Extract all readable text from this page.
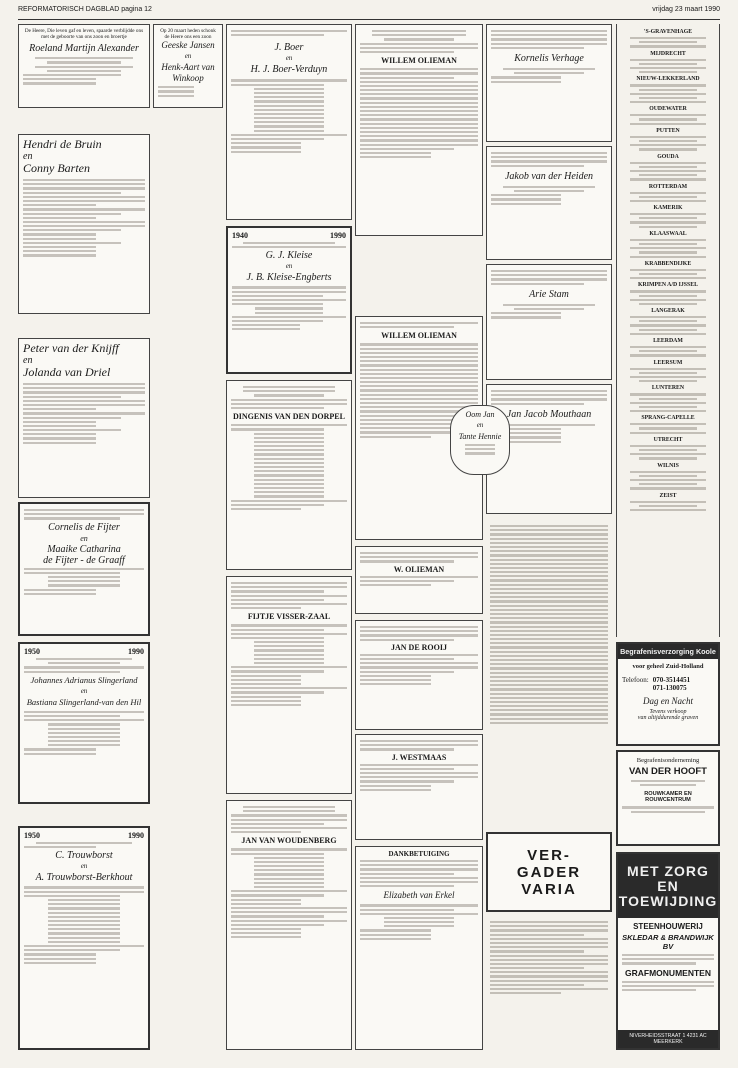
REFORMATORISCH DAGBLAD pagina 12	vrijdag 23 maart 1990
De Heere, Die leven gaf en leven, spaarde verblijdde ons met de geboorte van ons zoon en broertje
Roeland Martijn Alexander
Hendri de Bruin
en
Conny Barten
Peter van der Knijff
en
Jolanda van Driel
Cornelis de Fijter
en
Maaike Catharina
de Fijter - de Graaff
1950	1990
Johannes Adrianus Slingerland
en
Bastiana Slingerland-van den Hil
1950	1990
C. Trouwborst
en
A. Trouwborst-Berkhout
Op 20 maart heden schonk de Heere ons een zoon
Geeske Jansen
en
Henk-Aart van Winkoop
J. Boer
en
H. J. Boer-Verduyn
1940	1990
G. J. Kleise
en
J. B. Kleise-Engberts
DINGENIS VAN DEN DORPEL
FIJTJE VISSER-ZAAL
JAN VAN WOUDENBERG
WILLEM OLIEMAN
WILLEM OLIEMAN
W. OLIEMAN
JAN DE ROOIJ
J. WESTMAAS
DANKBETUIGING
Elizabeth van Erkel
Kornelis Verhage
Jakob van der Heiden
Arie Stam
Jan Jacob Mouthaan
Oom Jan
en
Tante Hennie
VER-
GADER
VARIA
'S-GRAVENHAGE
MIJDRECHT
NIEUW-LEKKERLAND
OUDEWATER
PUTTEN
GOUDA
ROTTERDAM
KAMERIK
KLAASWAAL
KRABBENDIJKE
KRIMPEN A/D IJSSEL
LANGERAK
LEERDAM
LEERSUM
LUNTEREN
SPRANG-CAPELLE
UTRECHT
WILNIS
ZEIST
Begrafenisverzorging Koole
voor geheel Zuid-Holland
Telefoon: 070-3514451
071-130075
Dag en Nacht
Tevens verkoop
van altijddurende graven
Begrafenisonderneming
VAN DER HOOFT
ROUWKAMER EN ROUWCENTRUM
MET ZORG EN TOEWIJDING
STEENHOUWERIJ
SKLEDAR & BRANDWIJK BV
GRAFMONUMENTEN
NIVERHEIDSSTRAAT 1 4231 AC MEERKERK
